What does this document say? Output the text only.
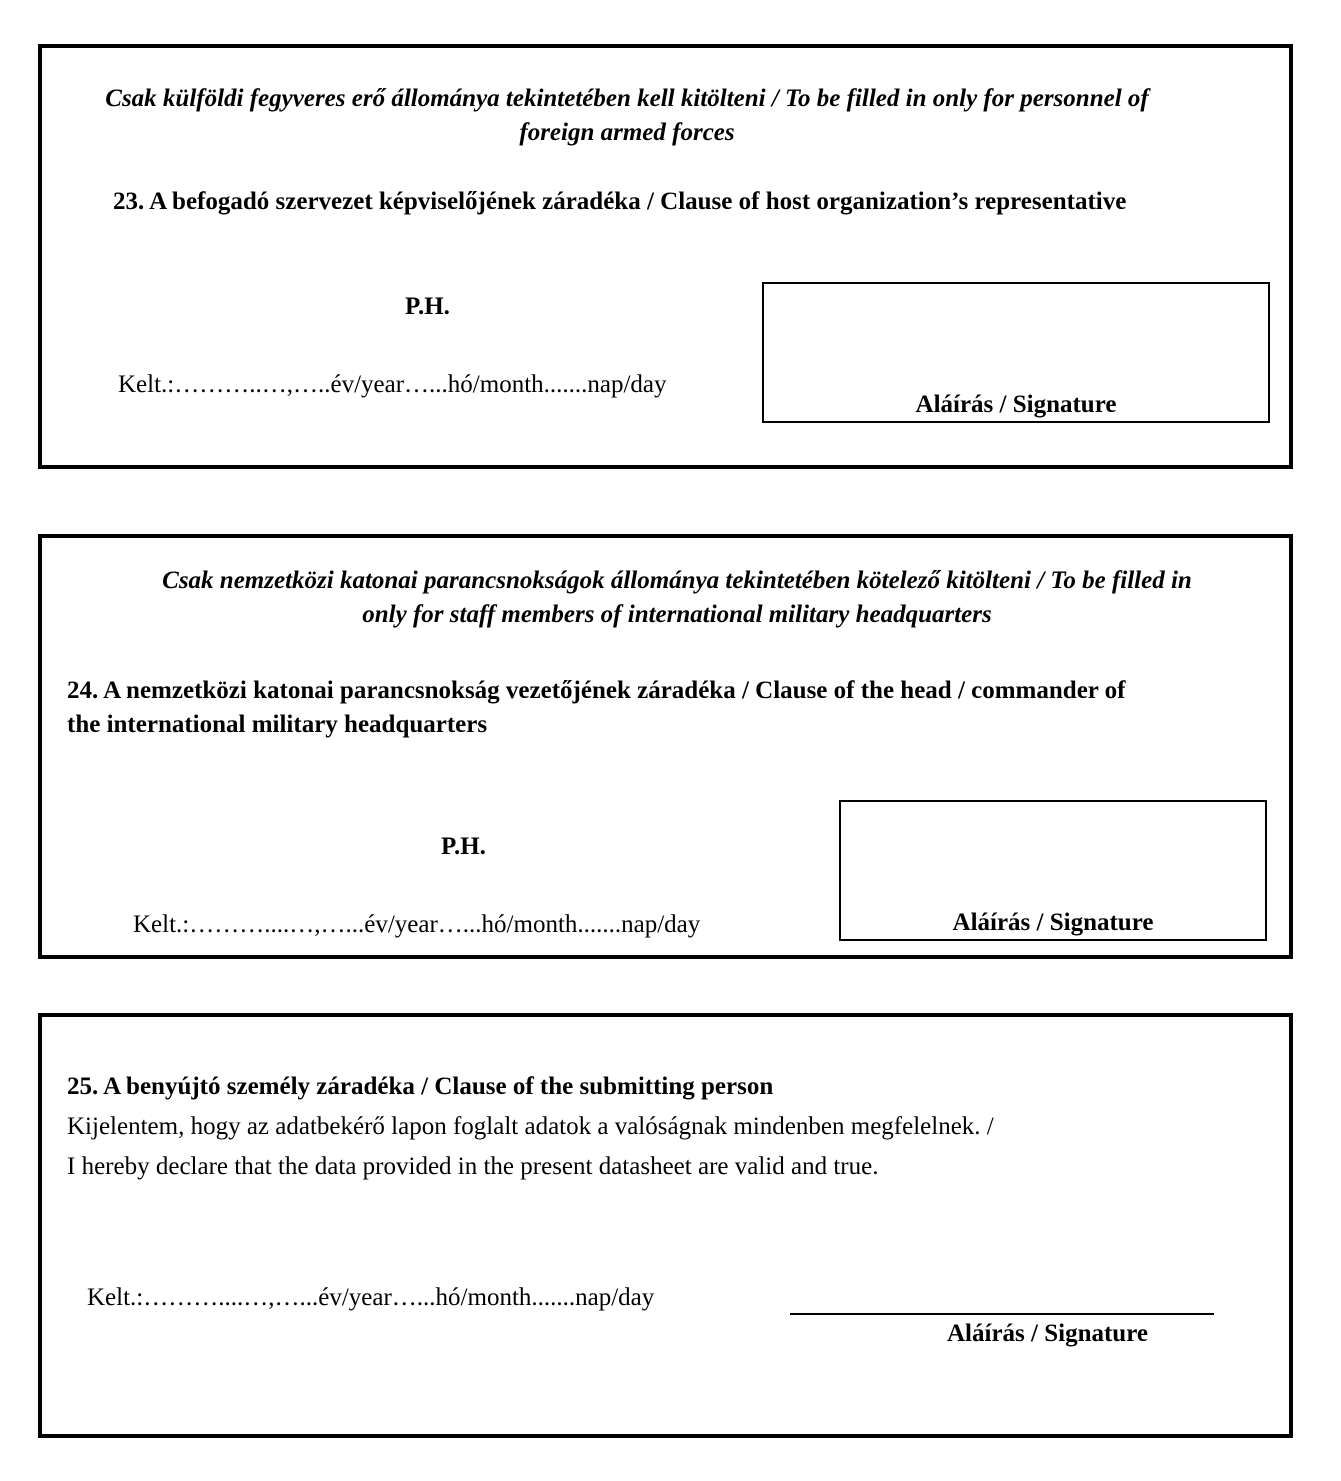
Csak külföldi fegyveres erő állománya tekintetében kell kitölteni / To be filled in only for personnel of foreign armed forces
23. A befogadó szervezet képviselőjének záradéka / Clause of host organization’s representative
P.H.
Kelt.:………..…,…..év/year…...hó/month.......nap/day
Aláírás / Signature
Csak nemzetközi katonai parancsnokságok állománya tekintetében kötelező kitölteni / To be filled in only for staff members of international military headquarters
24. A nemzetközi katonai parancsnokság vezetőjének záradéka / Clause of the head / commander of the international military headquarters
P.H.
Kelt.:………....…,…...év/year…...hó/month.......nap/day	Aláírás / Signature
25. A benyújtó személy záradéka / Clause of the submitting person
Kijelentem, hogy az adatbekérő lapon foglalt adatok a valóságnak mindenben megfelelnek. /
I hereby declare that the data provided in the present datasheet are valid and true.
Kelt.:………....…,…...év/year…...hó/month.......nap/day
Aláírás / Signature
